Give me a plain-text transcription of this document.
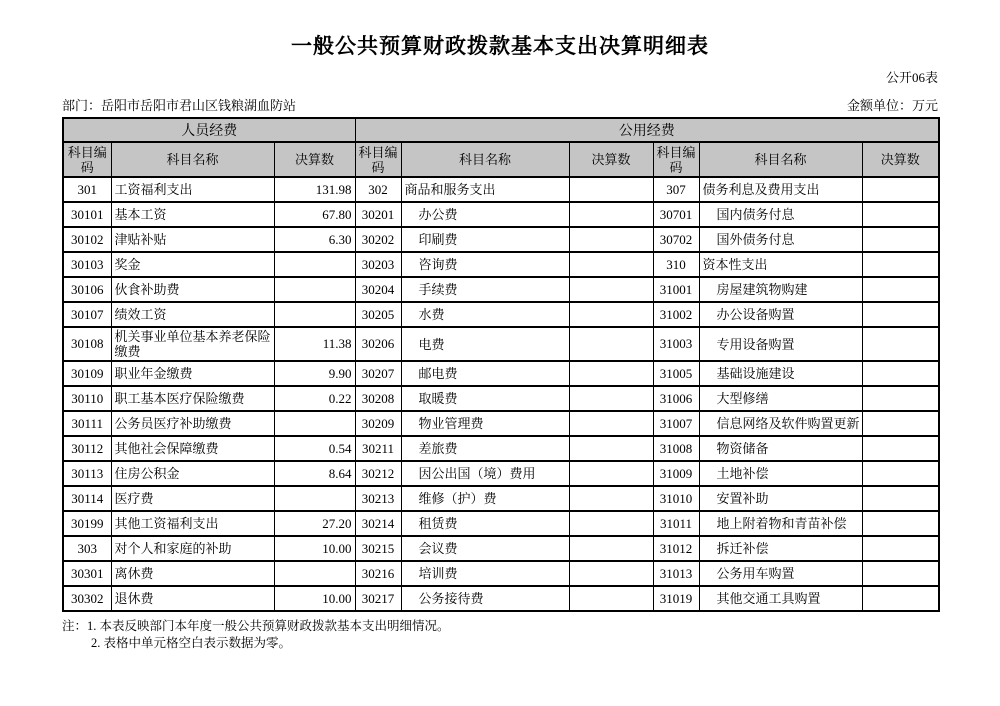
一般公共预算财政拨款基本支出决算明细表
公开06表
部门：岳阳市岳阳市君山区钱粮湖血防站	金额单位：万元
人员经费			公用经费					
科目编码	科目名称	决算数	科目编码	科目名称	决算数	科目编码	科目名称	决算数
301	工资福利支出	131.98	302	商品和服务支出		307	债务利息及费用支出	
30101	基本工资	67.80	30201	办公费		30701	国内债务付息	
30102	津贴补贴	6.30	30202	印刷费		30702	国外债务付息	
30103	奖金		30203	咨询费		310	资本性支出	
30106	伙食补助费		30204	手续费		31001	房屋建筑物购建	
30107	绩效工资		30205	水费		31002	办公设备购置	
30108	机关事业单位基本养老保险缴费	11.38	30206	电费		31003	专用设备购置	
30109	职业年金缴费	9.90	30207	邮电费		31005	基础设施建设	
30110	职工基本医疗保险缴费	0.22	30208	取暖费		31006	大型修缮	
30111	公务员医疗补助缴费		30209	物业管理费		31007	信息网络及软件购置更新	
30112	其他社会保障缴费	0.54	30211	差旅费		31008	物资储备	
30113	住房公积金	8.64	30212	因公出国（境）费用		31009	土地补偿	
30114	医疗费		30213	维修（护）费		31010	安置补助	
30199	其他工资福利支出	27.20	30214	租赁费		31011	地上附着物和青苗补偿	
303	对个人和家庭的补助	10.00	30215	会议费		31012	拆迁补偿	
30301	离休费		30216	培训费		31013	公务用车购置	
30302	退休费	10.00	30217	公务接待费		31019	其他交通工具购置	
注：1. 本表反映部门本年度一般公共预算财政拨款基本支出明细情况。
2. 表格中单元格空白表示数据为零。
